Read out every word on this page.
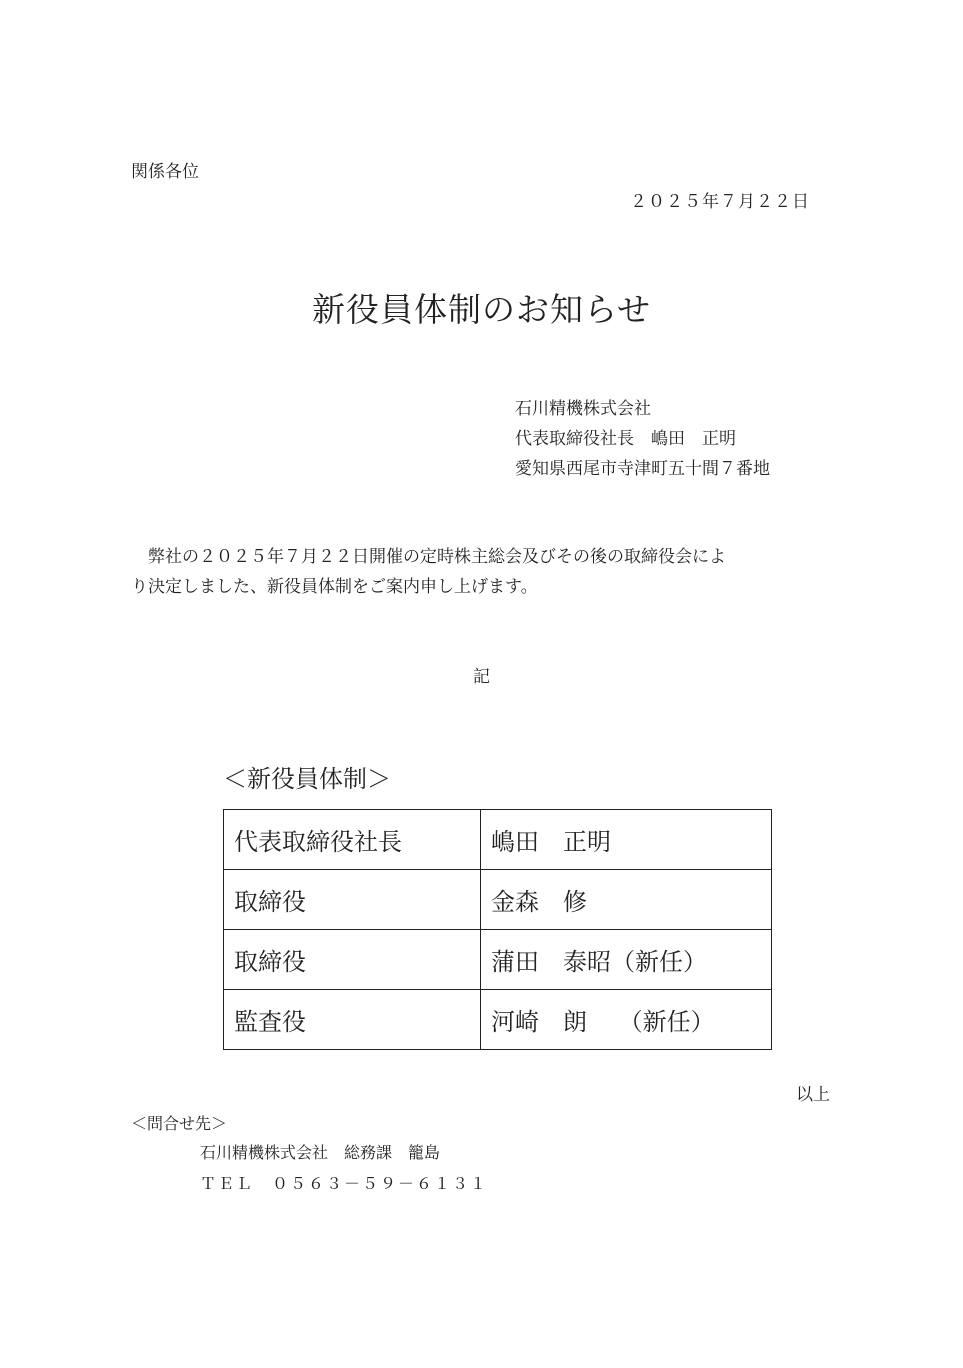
関係各位
２０２５年７月２２日
新役員体制のお知らせ
石川精機株式会社
代表取締役社長　嶋田　正明
愛知県西尾市寺津町五十間７番地
　弊社の２０２５年７月２２日開催の定時株主総会及びその後の取締役会によ
り決定しました、新役員体制をご案内申し上げます。
記
＜新役員体制＞
代表取締役社長	嶋田　正明
取締役	金森　修
取締役	蒲田　泰昭（新任）
監査役	河崎　朗　 （新任）
以上
＜問合せ先＞
石川精機株式会社　総務課　籠島
ＴＥＬ　０５６３－５９－６１３１
